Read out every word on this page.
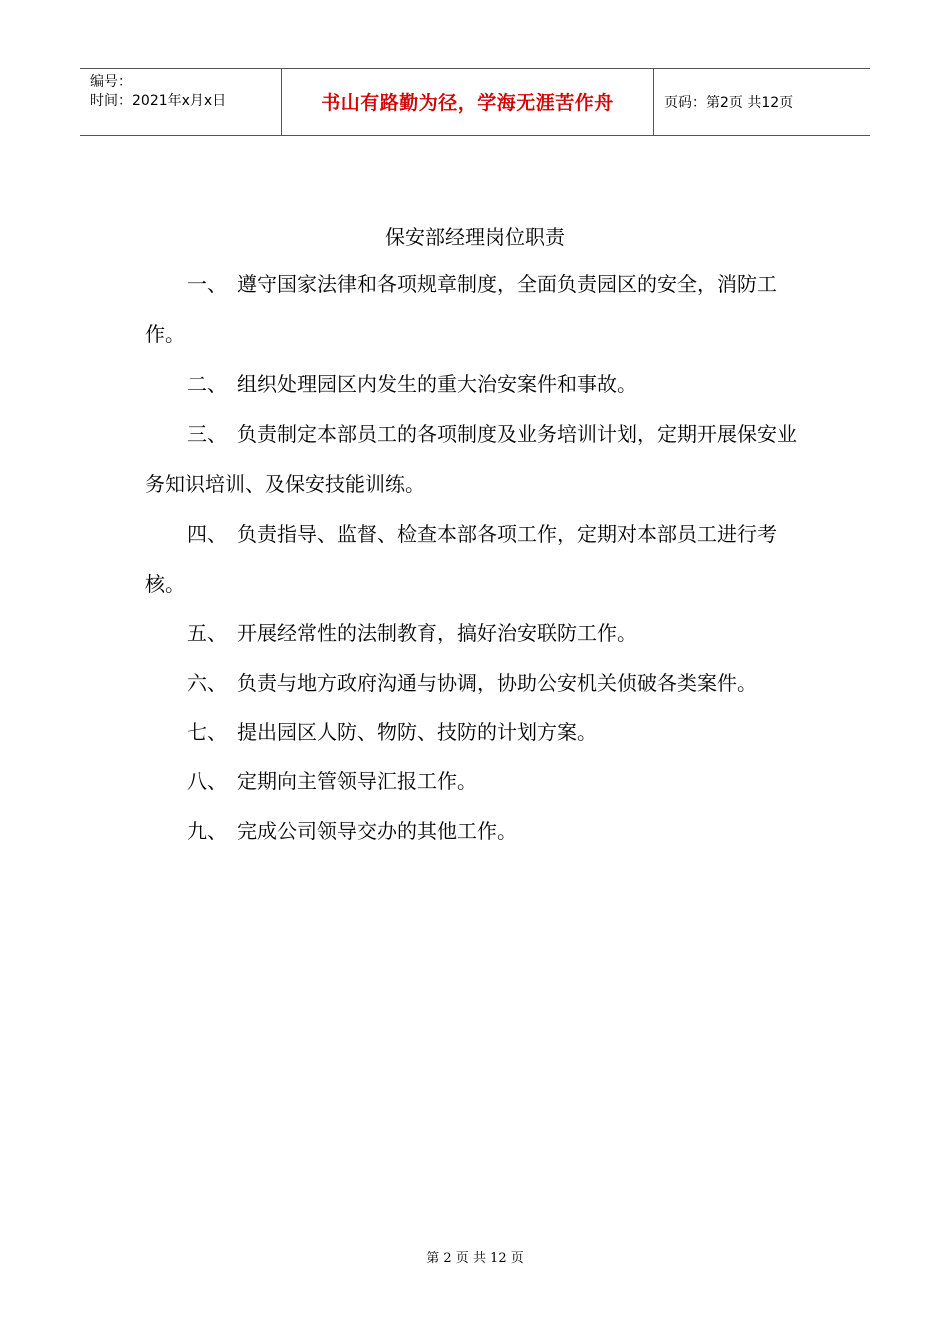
编号：
时间：2021年x月x日	书山有路勤为径，学海无涯苦作舟	页码：第2页 共12页
保安部经理岗位职责

一、 遵守国家法律和各项规章制度，全面负责园区的安全，消防工作。

二、 组织处理园区内发生的重大治安案件和事故。

三、 负责制定本部员工的各项制度及业务培训计划，定期开展保安业务知识培训、及保安技能训练。

四、 负责指导、监督、检查本部各项工作，定期对本部员工进行考核。

五、 开展经常性的法制教育，搞好治安联防工作。

六、 负责与地方政府沟通与协调，协助公安机关侦破各类案件。

七、 提出园区人防、物防、技防的计划方案。

八、 定期向主管领导汇报工作。

九、 完成公司领导交办的其他工作。

第 2 页 共 12 页
